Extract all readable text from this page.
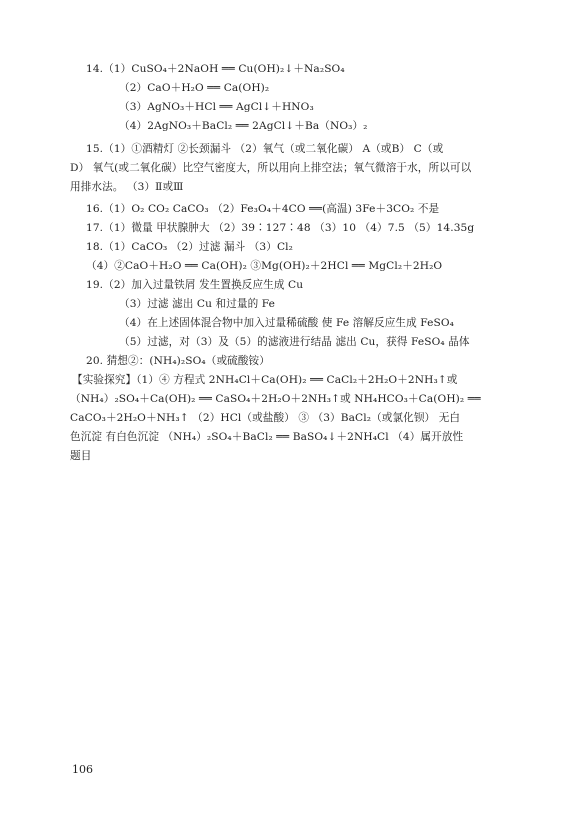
14.（1）CuSO₄＋2NaOH ══ Cu(OH)₂↓＋Na₂SO₄
（2）CaO＋H₂O ══ Ca(OH)₂
（3）AgNO₃＋HCl ══ AgCl↓＋HNO₃
（4）2AgNO₃＋BaCl₂ ══ 2AgCl↓＋Ba（NO₃）₂
15.（1）①酒精灯 ②长颈漏斗 （2）氧气（或二氧化碳） A（或B） C（或
D） 氧气(或二氧化碳）比空气密度大，所以用向上排空法；氧气微溶于水，所以可以
用排水法。 （3）Ⅱ或Ⅲ
16.（1）O₂ CO₂ CaCO₃ （2）Fe₃O₄＋4CO ══(高温) 3Fe＋3CO₂ 不是
17.（1）微量 甲状腺肿大 （2）39∶127∶48 （3）10 （4）7.5 （5）14.35g
18.（1）CaCO₃ （2）过滤 漏斗 （3）Cl₂
（4）②CaO＋H₂O ══ Ca(OH)₂ ③Mg(OH)₂＋2HCl ══ MgCl₂＋2H₂O
19.（2）加入过量铁屑 发生置换反应生成 Cu
（3）过滤 滤出 Cu 和过量的 Fe
（4）在上述固体混合物中加入过量稀硫酸 使 Fe 溶解反应生成 FeSO₄
（5）过滤，对（3）及（5）的滤液进行结晶 滤出 Cu，获得 FeSO₄ 晶体
20. 猜想②：(NH₄)₂SO₄（或硫酸铵）
【实验探究】（1）④ 方程式 2NH₄Cl＋Ca(OH)₂ ══ CaCl₂＋2H₂O＋2NH₃↑或
（NH₄）₂SO₄＋Ca(OH)₂ ══ CaSO₄＋2H₂O＋2NH₃↑或 NH₄HCO₃＋Ca(OH)₂ ══
CaCO₃＋2H₂O＋NH₃↑ （2）HCl（或盐酸） ③ （3）BaCl₂（或氯化钡） 无白
色沉淀 有白色沉淀 （NH₄）₂SO₄＋BaCl₂ ══ BaSO₄↓＋2NH₄Cl （4）属开放性
题目
106
